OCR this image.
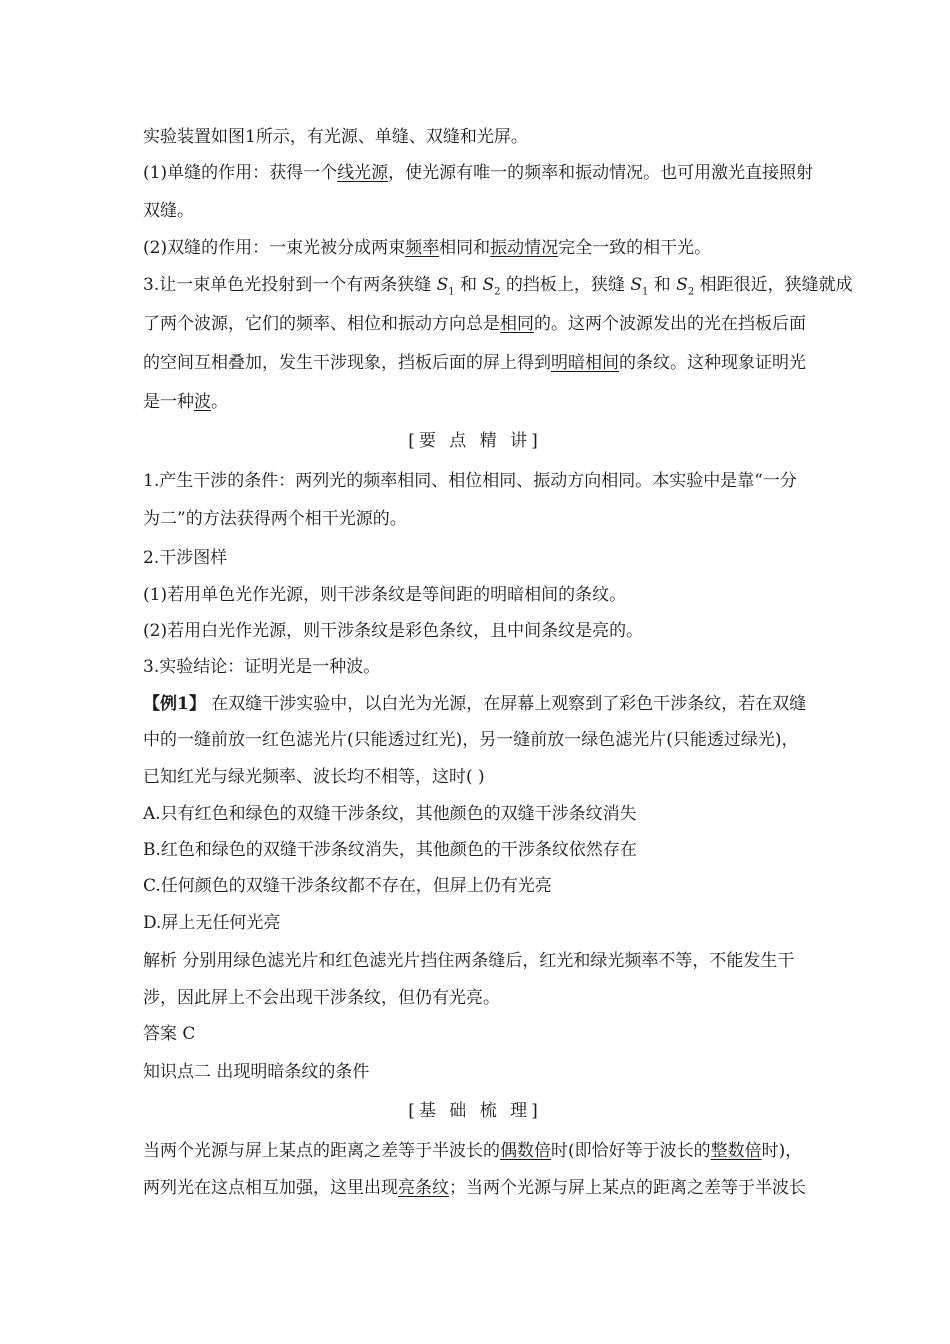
实验装置如图1所示，有光源、单缝、双缝和光屏。
(1)单缝的作用：获得一个线光源，使光源有唯一的频率和振动情况。也可用激光直接照射
双缝。
(2)双缝的作用：一束光被分成两束频率相同和振动情况完全一致的相干光。
3.让一束单色光投射到一个有两条狭缝 $S_1$ 和 $S_2$ 的挡板上，狭缝 $S_1$ 和 $S_2$ 相距很近，狭缝就成
了两个波源，它们的频率、相位和振动方向总是相同的。这两个波源发出的光在挡板后面
的空间互相叠加，发生干涉现象，挡板后面的屏上得到明暗相间的条纹。这种现象证明光
是一种波。
[要 点 精 讲]
1.产生干涉的条件：两列光的频率相同、相位相同、振动方向相同。本实验中是靠“一分
为二”的方法获得两个相干光源的。
2.干涉图样
(1)若用单色光作光源，则干涉条纹是等间距的明暗相间的条纹。
(2)若用白光作光源，则干涉条纹是彩色条纹，且中间条纹是亮的。
3.实验结论：证明光是一种波。
【例1】 在双缝干涉实验中，以白光为光源，在屏幕上观察到了彩色干涉条纹，若在双缝
中的一缝前放一红色滤光片(只能透过红光)，另一缝前放一绿色滤光片(只能透过绿光)，
已知红光与绿光频率、波长均不相等，这时( )
A.只有红色和绿色的双缝干涉条纹，其他颜色的双缝干涉条纹消失
B.红色和绿色的双缝干涉条纹消失，其他颜色的干涉条纹依然存在
C.任何颜色的双缝干涉条纹都不存在，但屏上仍有光亮
D.屏上无任何光亮
解析 分别用绿色滤光片和红色滤光片挡住两条缝后，红光和绿光频率不等，不能发生干
涉，因此屏上不会出现干涉条纹，但仍有光亮。
答案 C
知识点二 出现明暗条纹的条件
[基 础 梳 理]
当两个光源与屏上某点的距离之差等于半波长的偶数倍时(即恰好等于波长的整数倍时)，
两列光在这点相互加强，这里出现亮条纹；当两个光源与屏上某点的距离之差等于半波长
